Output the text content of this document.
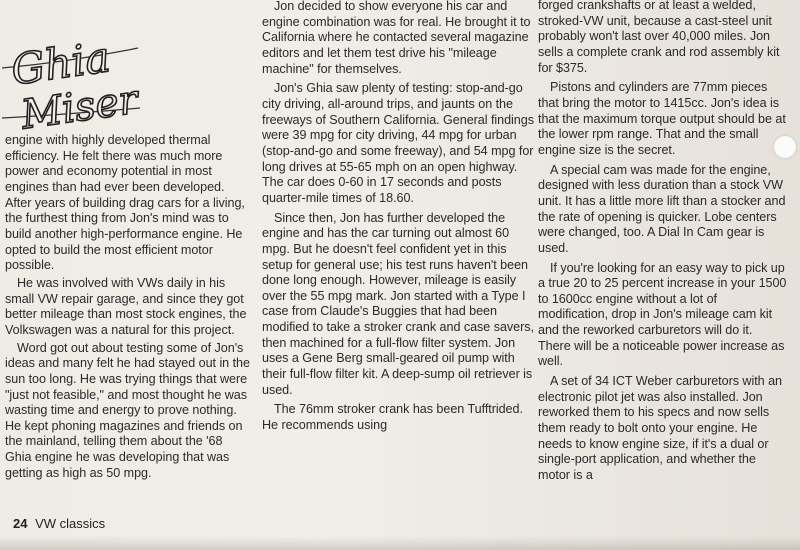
Ghia
Miser

engine with highly developed thermal efficiency. He felt there was much more power and economy potential in most engines than had ever been developed. After years of building drag cars for a living, the furthest thing from Jon's mind was to build another high-performance engine. He opted to build the most efficient motor possible.

He was involved with VWs daily in his small VW repair garage, and since they got better mileage than most stock engines, the Volkswagen was a natural for this project.

Word got out about testing some of Jon's ideas and many felt he had stayed out in the sun too long. He was trying things that were "just not feasible," and most thought he was wasting time and energy to prove nothing. He kept phoning magazines and friends on the mainland, telling them about the '68 Ghia engine he was developing that was getting as high as 50 mpg.

Jon decided to show everyone his car and engine combination was for real. He brought it to California where he contacted several magazine editors and let them test drive his "mileage machine" for themselves.

Jon's Ghia saw plenty of testing: stop-and-go city driving, all-around trips, and jaunts on the freeways of Southern California. General findings were 39 mpg for city driving, 44 mpg for urban (stop-and-go and some freeway), and 54 mpg for long drives at 55-65 mph on an open highway. The car does 0-60 in 17 seconds and posts quarter-mile times of 18.60.

Since then, Jon has further developed the engine and has the car turning out almost 60 mpg. But he doesn't feel confident yet in this setup for general use; his test runs haven't been done long enough. However, mileage is easily over the 55 mpg mark. Jon started with a Type I case from Claude's Buggies that had been modified to take a stroker crank and case savers, then machined for a full-flow filter system. Jon uses a Gene Berg small-geared oil pump with their full-flow filter kit. A deep-sump oil retriever is used.

The 76mm stroker crank has been Tufftrided. He recommends using

forged crankshafts or at least a welded, stroked-VW unit, because a cast-steel unit probably won't last over 40,000 miles. Jon sells a complete crank and rod assembly kit for $375.

Pistons and cylinders are 77mm pieces that bring the motor to 1415cc. Jon's idea is that the maximum torque output should be at the lower rpm range. That and the small engine size is the secret.

A special cam was made for the engine, designed with less duration than a stock VW unit. It has a little more lift than a stocker and the rate of opening is quicker. Lobe centers were changed, too. A Dial In Cam gear is used.

If you're looking for an easy way to pick up a true 20 to 25 percent increase in your 1500 to 1600cc engine without a lot of modification, drop in Jon's mileage cam kit and the reworked carburetors will do it. There will be a noticeable power increase as well.

A set of 34 ICT Weber carburetors with an electronic pilot jet was also installed. Jon reworked them to his specs and now sells them ready to bolt onto your engine. He needs to know engine size, if it's a dual or single-port application, and whether the motor is a

24 VW classics
